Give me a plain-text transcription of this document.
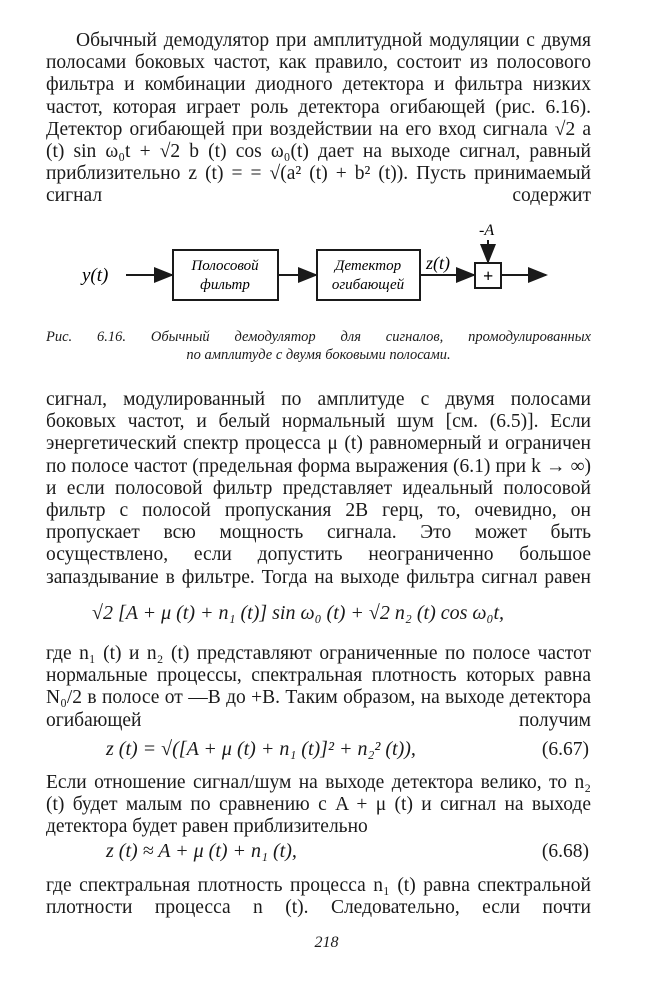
Обычный демодулятор при амплитудной модуляции с двумя полосами боковых частот, как правило, состоит из полосового фильтра и комбинации диодного детектора и фильтра низких частот, которая играет роль детектора огибающей (рис. 6.16). Детектор огибающей при воздействии на его вход сигнала √2 a (t) sin ω₀t + √2 b (t) cos ω₀(t) дает на выходе сигнал, равный приблизительно z (t) = = √(a² (t) + b² (t)). Пусть принимаемый сигнал содержит

y(t)	Полосовой
фильтр
Детектор
огибающей
z(t)
-A
+
Рис. 6.16. Обычный демодулятор для сигналов, промодулированных
по амплитуде с двумя боковыми полосами.

сигнал, модулированный по амплитуде с двумя полосами боковых частот, и белый нормальный шум [см. (6.5)]. Если энергетический спектр процесса μ (t) равномерный и ограничен по полосе частот (предельная форма выражения (6.1) при k → ∞) и если полосовой фильтр представляет идеальный полосовой фильтр с полосой пропускания 2B герц, то, очевидно, он пропускает всю мощность сигнала. Это может быть осуществлено, если допустить неограниченно большое запаздывание в фильтре. Тогда на выходе фильтра сигнал равен

√2 [A + μ (t) + n₁ (t)] sin ω₀ (t) + √2 n₂ (t) cos ω₀t,

где n₁ (t) и n₂ (t) представляют ограниченные по полосе частот нормальные процессы, спектральная плотность которых равна N₀/2 в полосе от —B до +B. Таким образом, на выходе детектора огибающей получим

z (t) = √([A + μ (t) + n₁ (t)]² + n₂² (t)),	(6.67)

Если отношение сигнал/шум на выходе детектора велико, то n₂ (t) будет малым по сравнению с A + μ (t) и сигнал на выходе детектора будет равен приблизительно

z (t) ≈ A + μ (t) + n₁ (t),	(6.68)

где спектральная плотность процесса n₁ (t) равна спектральной плотности процесса n (t). Следовательно, если почти

218
